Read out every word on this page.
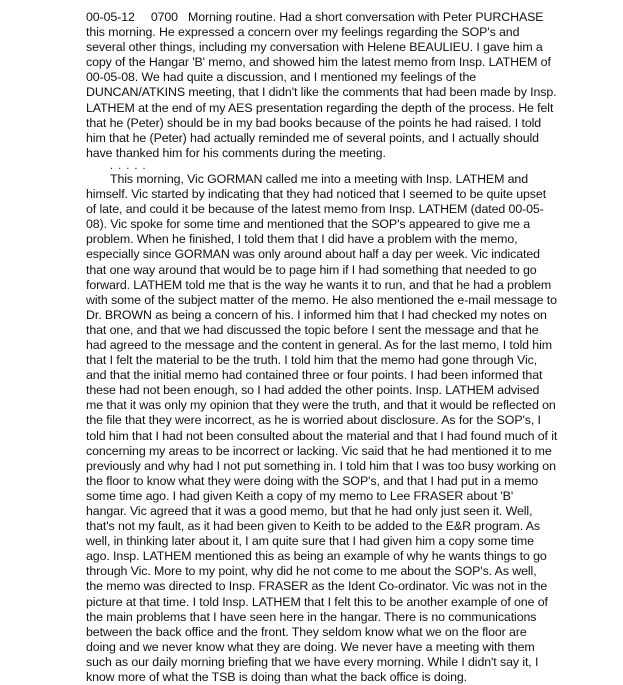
00-05-12 0700 Morning routine. Had a short conversation with Peter PURCHASE
this morning. He expressed a concern over my feelings regarding the SOP's and
several other things, including my conversation with Helene BEAULIEU. I gave him a
copy of the Hangar 'B' memo, and showed him the latest memo from Insp. LATHEM of
00-05-08. We had quite a discussion, and I mentioned my feelings of the
DUNCAN/ATKINS meeting, that I didn't like the comments that had been made by Insp.
LATHEM at the end of my AES presentation regarding the depth of the process. He felt
that he (Peter) should be in my bad books because of the points he had raised. I told
him that he (Peter) had actually reminded me of several points, and I actually should
have thanked him for his comments during the meeting.
. . . . .
This morning, Vic GORMAN called me into a meeting with Insp. LATHEM and
himself. Vic started by indicating that they had noticed that I seemed to be quite upset
of late, and could it be because of the latest memo from Insp. LATHEM (dated 00-05-
08). Vic spoke for some time and mentioned that the SOP's appeared to give me a
problem. When he finished, I told them that I did have a problem with the memo,
especially since GORMAN was only around about half a day per week. Vic indicated
that one way around that would be to page him if I had something that needed to go
forward. LATHEM told me that is the way he wants it to run, and that he had a problem
with some of the subject matter of the memo. He also mentioned the e-mail message to
Dr. BROWN as being a concern of his. I informed him that I had checked my notes on
that one, and that we had discussed the topic before I sent the message and that he
had agreed to the message and the content in general. As for the last memo, I told him
that I felt the material to be the truth. I told him that the memo had gone through Vic,
and that the initial memo had contained three or four points. I had been informed that
these had not been enough, so I had added the other points. Insp. LATHEM advised
me that it was only my opinion that they were the truth, and that it would be reflected on
the file that they were incorrect, as he is worried about disclosure. As for the SOP's, I
told him that I had not been consulted about the material and that I had found much of it
concerning my areas to be incorrect or lacking. Vic said that he had mentioned it to me
previously and why had I not put something in. I told him that I was too busy working on
the floor to know what they were doing with the SOP's, and that I had put in a memo
some time ago. I had given Keith a copy of my memo to Lee FRASER about 'B'
hangar. Vic agreed that it was a good memo, but that he had only just seen it. Well,
that's not my fault, as it had been given to Keith to be added to the E&R program. As
well, in thinking later about it, I am quite sure that I had given him a copy some time
ago. Insp. LATHEM mentioned this as being an example of why he wants things to go
through Vic. More to my point, why did he not come to me about the SOP's. As well,
the memo was directed to Insp. FRASER as the Ident Co-ordinator. Vic was not in the
picture at that time. I told Insp. LATHEM that I felt this to be another example of one of
the main problems that I have seen here in the hangar. There is no communications
between the back office and the front. They seldom know what we on the floor are
doing and we never know what they are doing. We never have a meeting with them
such as our daily morning briefing that we have every morning. While I didn't say it, I
know more of what the TSB is doing than what the back office is doing.
